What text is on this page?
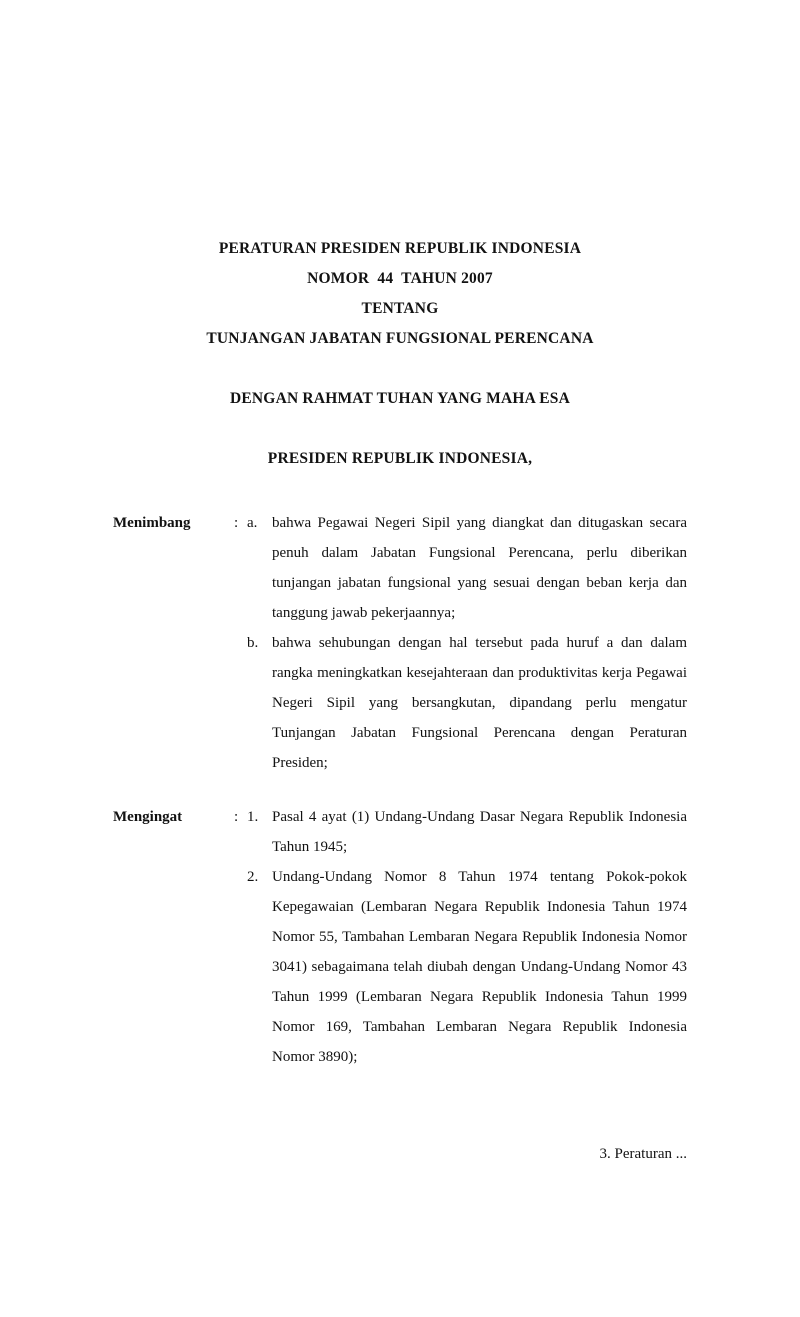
PERATURAN PRESIDEN REPUBLIK INDONESIA
NOMOR  44  TAHUN 2007
TENTANG
TUNJANGAN JABATAN FUNGSIONAL PERENCANA
DENGAN RAHMAT TUHAN YANG MAHA ESA
PRESIDEN REPUBLIK INDONESIA,
Menimbang	: a. bahwa Pegawai Negeri Sipil yang diangkat dan ditugaskan secara penuh dalam Jabatan Fungsional Perencana, perlu diberikan tunjangan jabatan fungsional yang sesuai dengan beban kerja dan tanggung jawab pekerjaannya;
b. bahwa sehubungan dengan hal tersebut pada huruf a dan dalam rangka meningkatkan kesejahteraan dan produktivitas kerja Pegawai Negeri Sipil yang bersangkutan, dipandang perlu mengatur Tunjangan Jabatan Fungsional Perencana dengan Peraturan Presiden;
Mengingat	: 1. Pasal 4 ayat (1) Undang-Undang Dasar Negara Republik Indonesia Tahun 1945;
2. Undang-Undang Nomor 8 Tahun 1974 tentang Pokok-pokok Kepegawaian (Lembaran Negara Republik Indonesia Tahun 1974 Nomor 55, Tambahan Lembaran Negara Republik Indonesia Nomor 3041) sebagaimana telah diubah dengan Undang-Undang Nomor 43 Tahun 1999 (Lembaran Negara Republik Indonesia Tahun 1999 Nomor 169, Tambahan Lembaran Negara Republik Indonesia Nomor 3890);
3. Peraturan ...
